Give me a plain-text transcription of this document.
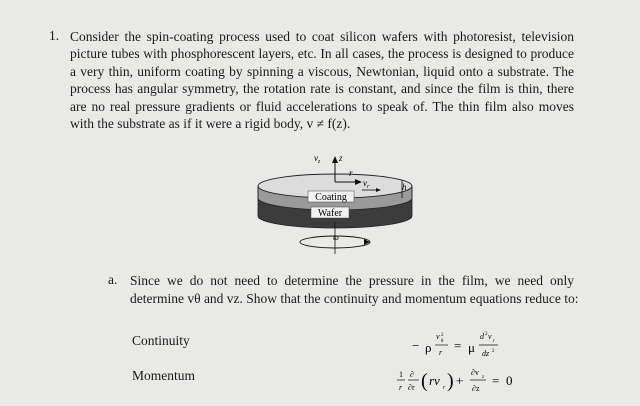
1. Consider the spin-coating process used to coat silicon wafers with photoresist, television
picture tubes with phosphorescent layers, etc. In all cases, the process is designed to produce
a very thin, uniform coating by spinning a viscous, Newtonian, liquid onto a substrate. The
process has angular symmetry, the rotation rate is constant, and since the film is thin, there
are no real pressure gradients or fluid accelerations to speak of. The thin film also moves
with the substrate as if it were a rigid body, v ≠ f(z).
Coating
Wafer
$v_z$ z
r
$v_r$	h
ω
a. Since we do not need to determine the pressure in the film, we need only
determine vθ and vz. Show that the continuity and momentum equations reduce to:
Continuity
Momentum
− ρ
v 2
θ
r = μ
d 2 v
r
dz 2
1
r
∂
∂r ( rv r ) +
∂v
z
∂z
= 0
